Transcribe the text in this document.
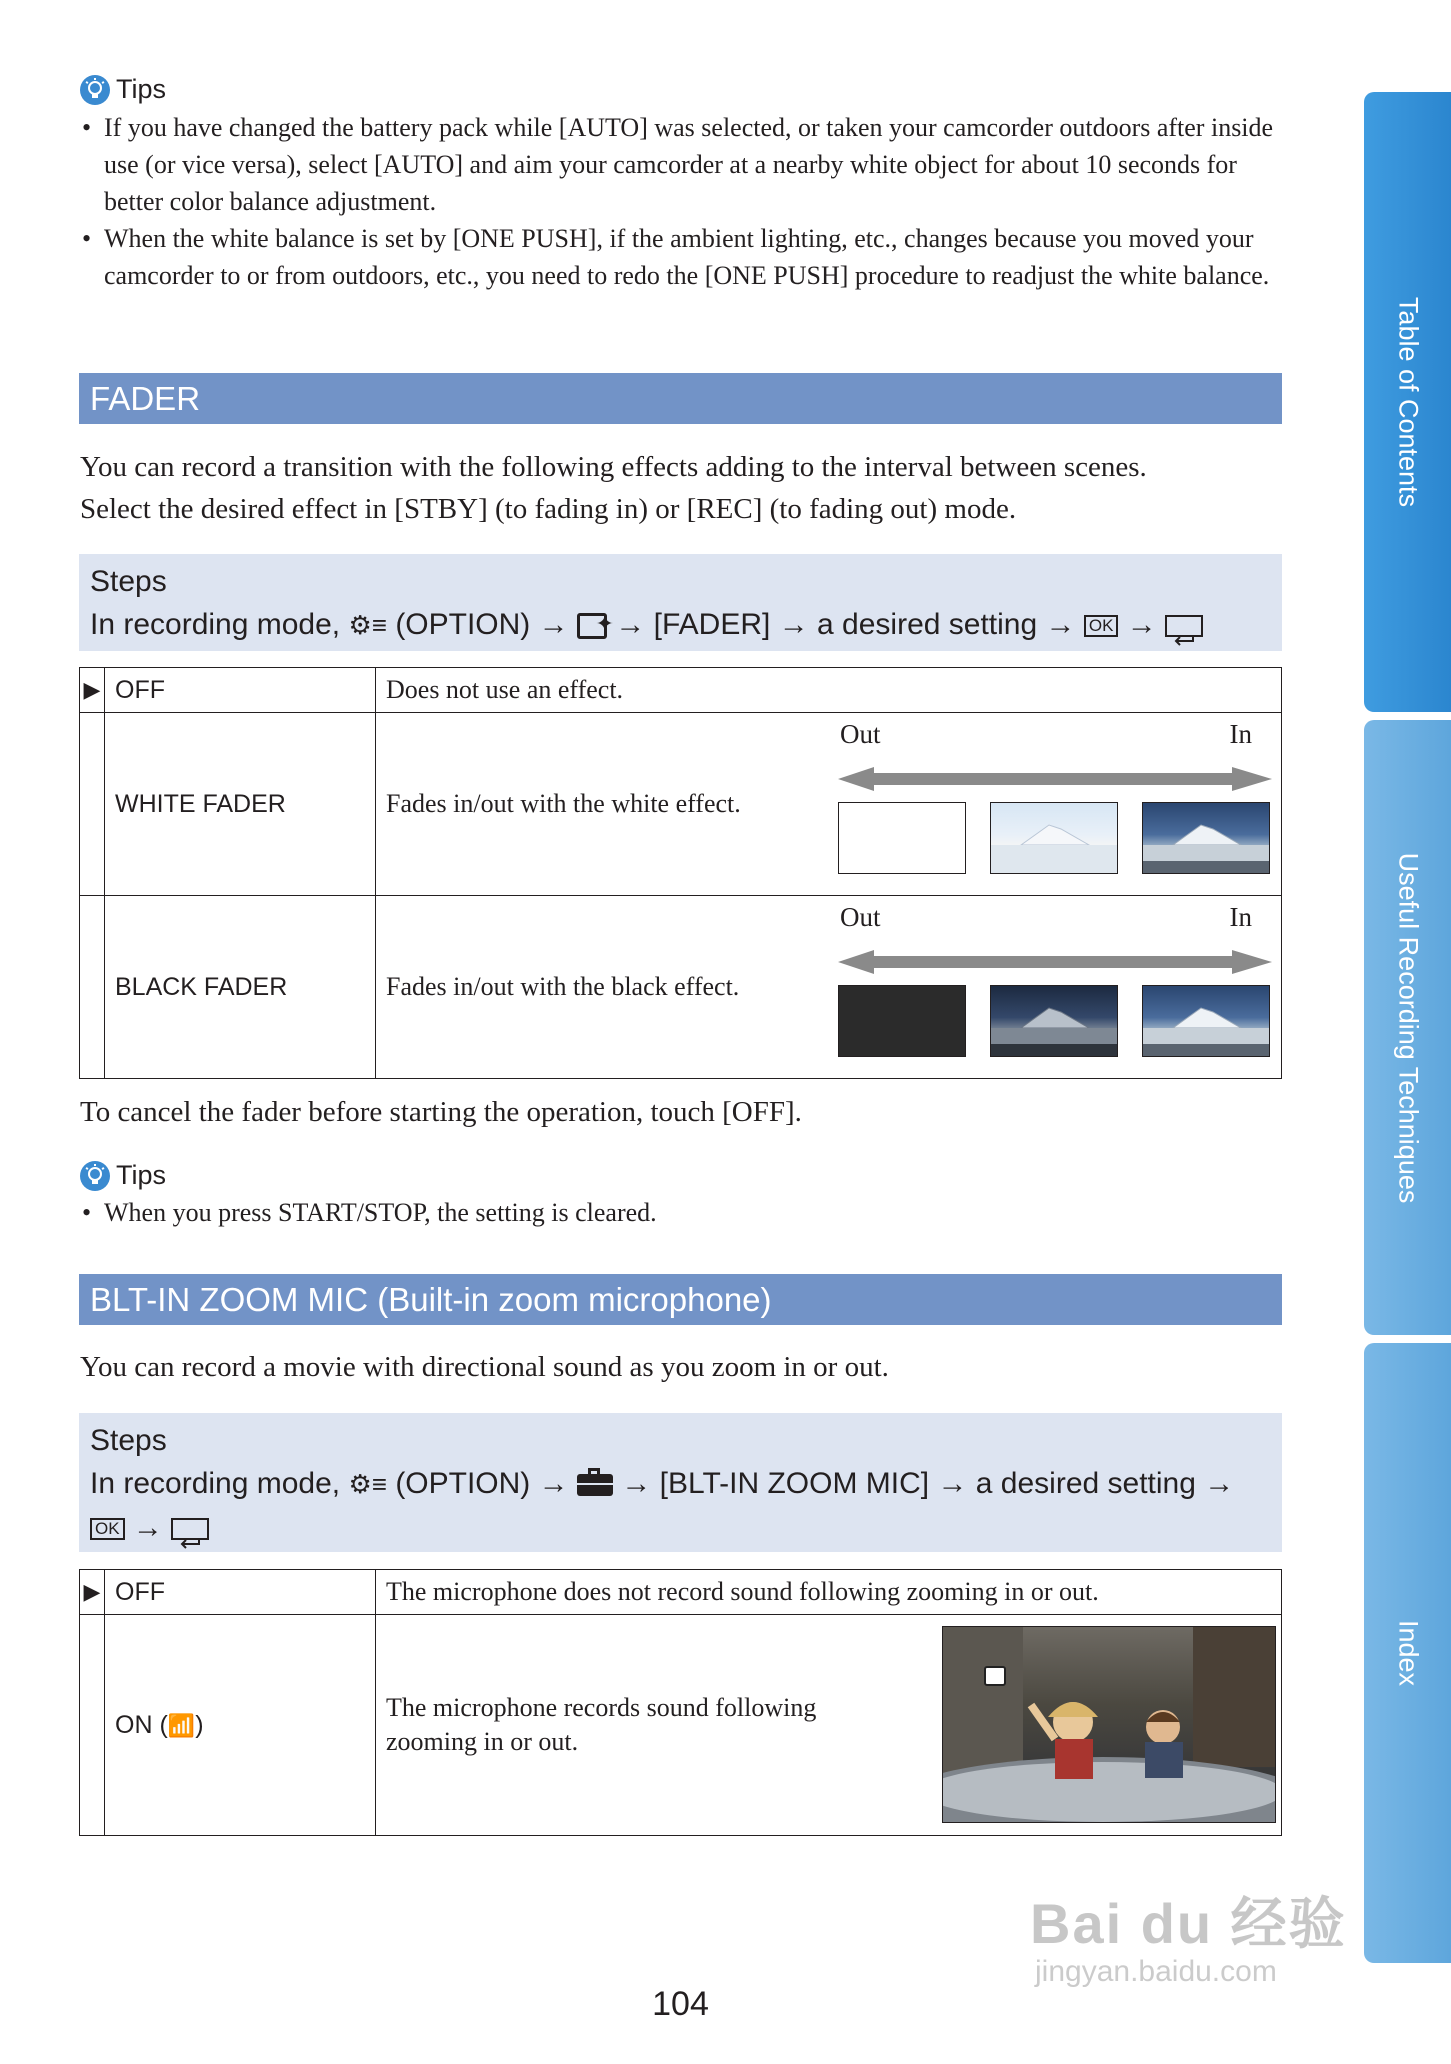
Tips
• If you have changed the battery pack while [AUTO] was selected, or taken your camcorder outdoors after inside use (or vice versa), select [AUTO] and aim your camcorder at a nearby white object for about 10 seconds for better color balance adjustment.
• When the white balance is set by [ONE PUSH], if the ambient lighting, etc., changes because you moved your camcorder to or from outdoors, etc., you need to redo the [ONE PUSH] procedure to readjust the white balance.
FADER
You can record a transition with the following effects adding to the interval between scenes.
Select the desired effect in [STBY] (to fading in) or [REC] (to fading out) mode.
Steps
In recording mode, ⚙≡ (OPTION) → ✦ → [FADER] → a desired setting → OK →
▶	OFF	Does not use an effect.
	WHITE FADER	Fades in/out with the white effect.
	BLACK FADER	Fades in/out with the black effect.
Out	In
Out	In
To cancel the fader before starting the operation, touch [OFF].
Tips
• When you press START/STOP, the setting is cleared.
BLT-IN ZOOM MIC (Built-in zoom microphone)
You can record a movie with directional sound as you zoom in or out.
Steps
In recording mode, ⚙≡ (OPTION) → → [BLT-IN ZOOM MIC] → a desired setting →
OK →
▶	OFF	The microphone does not record sound following zooming in or out.
	ON (📶)	The microphone records sound following
zooming in or out.
104
Table of Contents
Useful Recording Techniques
Index
Bai du 经验
jingyan.baidu.com
